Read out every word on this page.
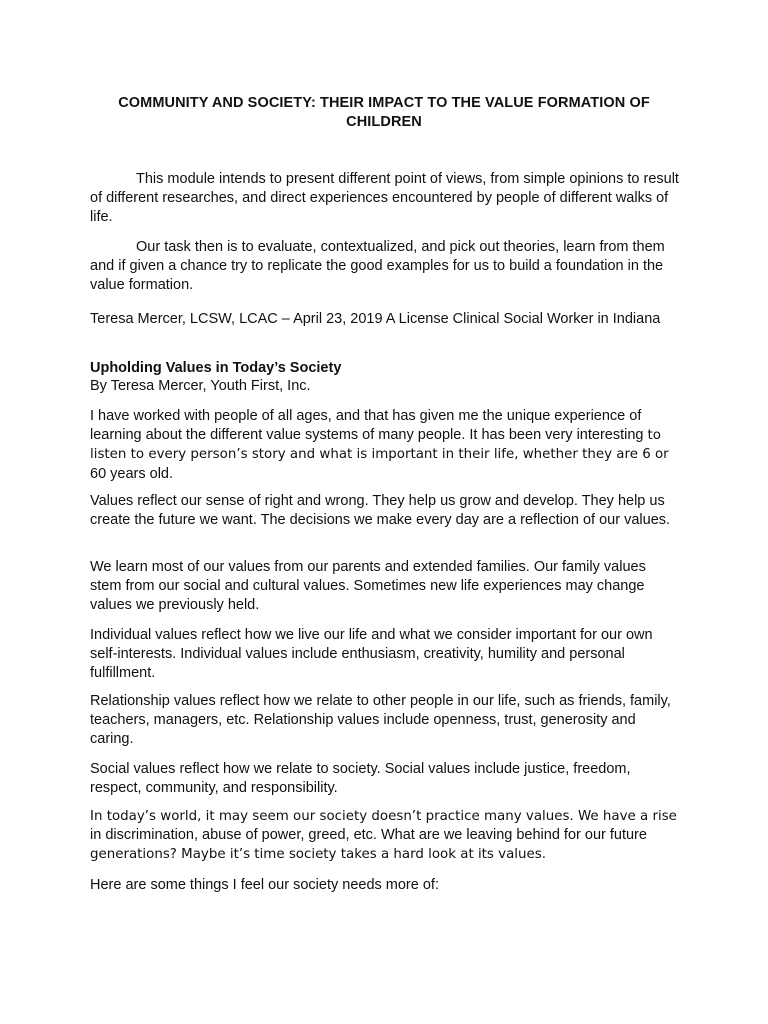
COMMUNITY AND SOCIETY: THEIR IMPACT TO THE VALUE FORMATION OF CHILDREN
This module intends to present different point of views, from simple opinions to result of different researches, and direct experiences encountered by people of different walks of life.
Our task then is to evaluate, contextualized, and pick out theories, learn from them and if given a chance try to replicate the good examples for us to build a foundation in the value formation.
Teresa Mercer, LCSW, LCAC – April 23, 2019 A License Clinical Social Worker in Indiana
Upholding Values in Today’s Society
By Teresa Mercer, Youth First, Inc.
I have worked with people of all ages, and that has given me the unique experience of learning about the different value systems of many people. It has been very interesting to listen to every person’s story and what is important in their life, whether they are 6 or 60 years old.
Values reflect our sense of right and wrong. They help us grow and develop. They help us create the future we want. The decisions we make every day are a reflection of our values.
We learn most of our values from our parents and extended families. Our family values stem from our social and cultural values. Sometimes new life experiences may change values we previously held.
Individual values reflect how we live our life and what we consider important for our own self-interests. Individual values include enthusiasm, creativity, humility and personal fulfillment.
Relationship values reflect how we relate to other people in our life, such as friends, family, teachers, managers, etc. Relationship values include openness, trust, generosity and caring.
Social values reflect how we relate to society. Social values include justice, freedom, respect, community, and responsibility.
In today’s world, it may seem our society doesn’t practice many values. We have a rise in discrimination, abuse of power, greed, etc. What are we leaving behind for our future generations? Maybe it’s time society takes a hard look at its values.
Here are some things I feel our society needs more of:
